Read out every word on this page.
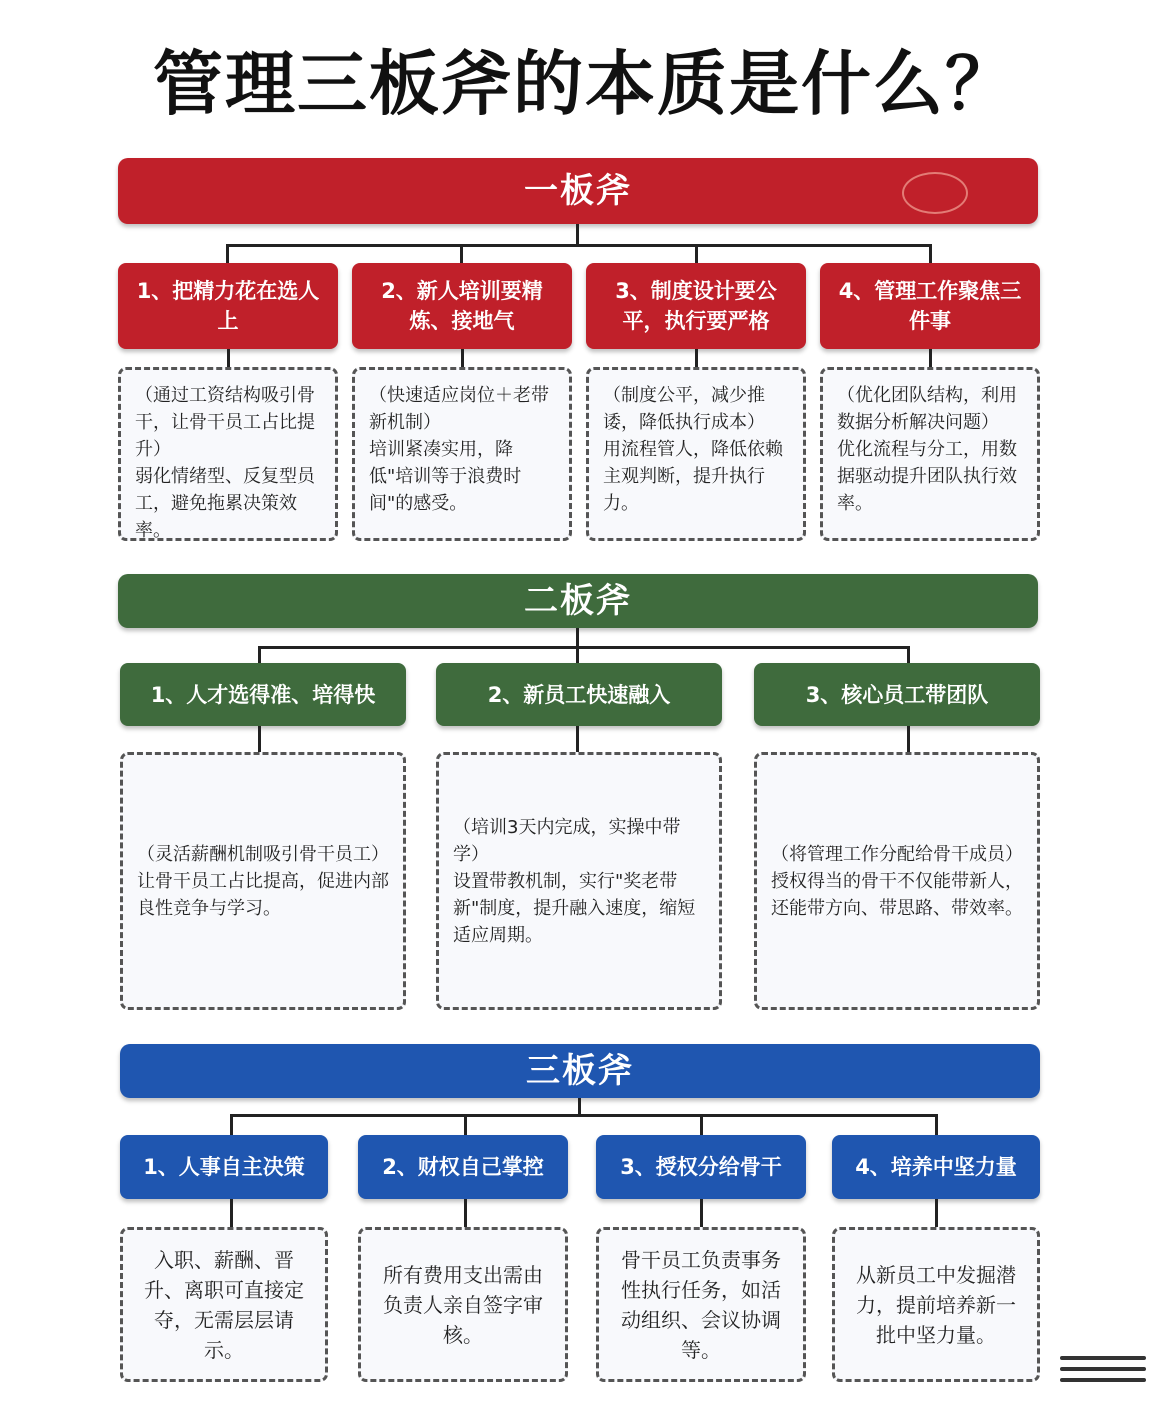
管理三板斧的本质是什么？
一板斧
1、把精力花在选人上
2、新人培训要精炼、接地气
3、制度设计要公平，执行要严格
4、管理工作聚焦三件事

（通过工资结构吸引骨干，让骨干员工占比提升）

弱化情绪型、反复型员工，避免拖累决策效率。

（快速适应岗位＋老带新机制）

培训紧凑实用，降低"培训等于浪费时间"的感受。

（制度公平，减少推诿，降低执行成本）

用流程管人，降低依赖主观判断，提升执行力。

（优化团队结构，利用数据分析解决问题）

优化流程与分工，用数据驱动提升团队执行效率。

二板斧
1、人才选得准、培得快	2、新员工快速融入	3、核心员工带团队

（灵活薪酬机制吸引骨干员工）

让骨干员工占比提高，促进内部良性竞争与学习。

（培训3天内完成，实操中带学）

设置带教机制，实行"奖老带新"制度，提升融入速度，缩短适应周期。

（将管理工作分配给骨干成员）

授权得当的骨干不仅能带新人，还能带方向、带思路、带效率。

三板斧
1、人事自主决策	2、财权自己掌控	3、授权分给骨干	4、培养中坚力量

入职、薪酬、晋升、离职可直接定夺，无需层层请示。

所有费用支出需由负责人亲自签字审核。

骨干员工负责事务性执行任务，如活动组织、会议协调等。

从新员工中发掘潜力，提前培养新一批中坚力量。
